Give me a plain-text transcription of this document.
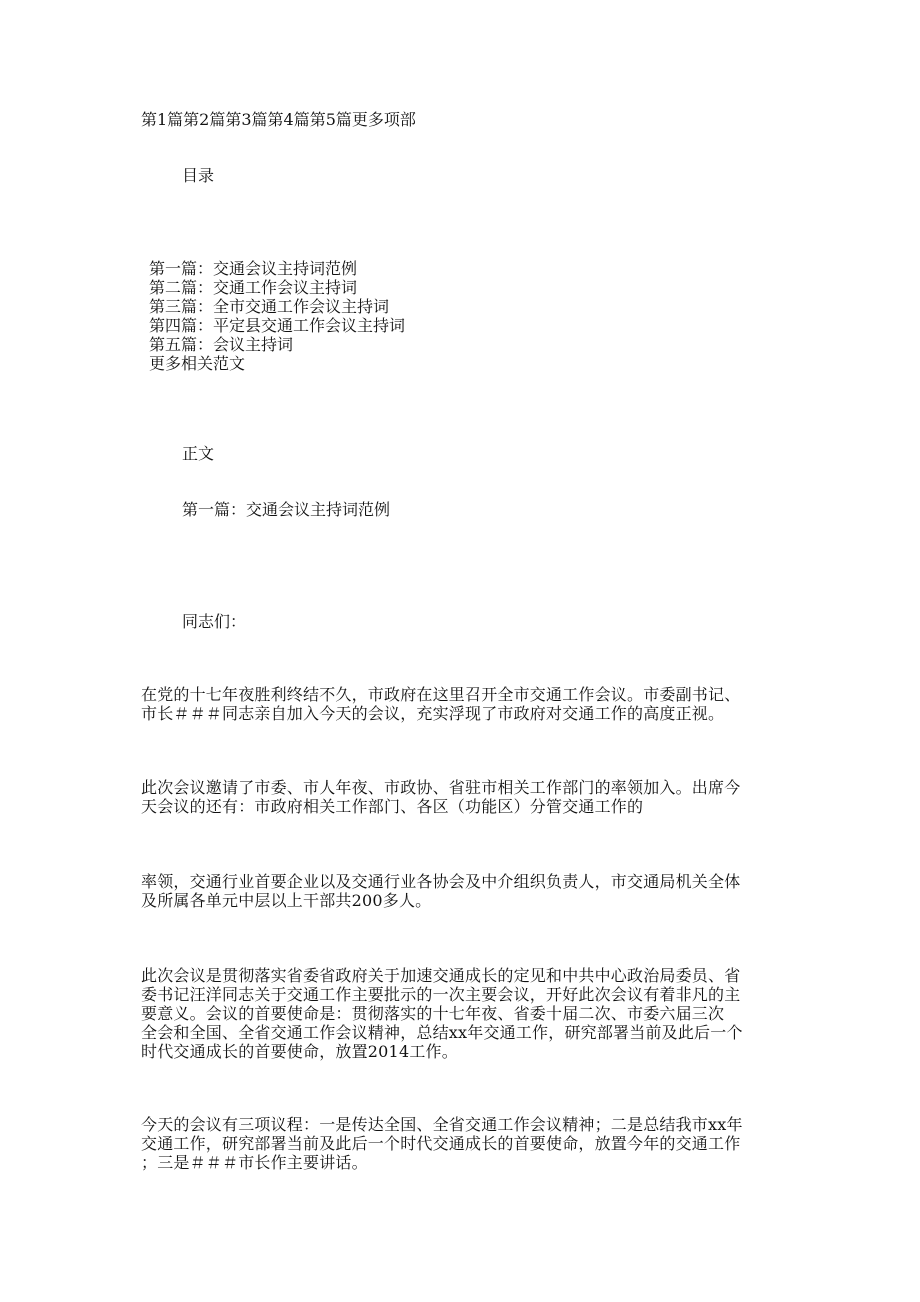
第1篇第2篇第3篇第4篇第5篇更多项部
目录
第一篇：交通会议主持词范例
第二篇：交通工作会议主持词
第三篇：全市交通工作会议主持词
第四篇：平定县交通工作会议主持词
第五篇：会议主持词
更多相关范文
正文
第一篇：交通会议主持词范例
同志们：
在党的十七年夜胜利终结不久，市政府在这里召开全市交通工作会议。市委副书记、
市长＃＃＃同志亲自加入今天的会议，充实浮现了市政府对交通工作的高度正视。
此次会议邀请了市委、市人年夜、市政协、省驻市相关工作部门的率领加入。出席今
天会议的还有：市政府相关工作部门、各区（功能区）分管交通工作的
率领，交通行业首要企业以及交通行业各协会及中介组织负责人，市交通局机关全体
及所属各单元中层以上干部共200多人。
此次会议是贯彻落实省委省政府关于加速交通成长的定见和中共中心政治局委员、省
委书记汪洋同志关于交通工作主要批示的一次主要会议，开好此次会议有着非凡的主
要意义。会议的首要使命是：贯彻落实的十七年夜、省委十届二次、市委六届三次
全会和全国、全省交通工作会议精神，总结xx年交通工作，研究部署当前及此后一个
时代交通成长的首要使命，放置2014工作。
今天的会议有三项议程：一是传达全国、全省交通工作会议精神；二是总结我市xx年
交通工作，研究部署当前及此后一个时代交通成长的首要使命，放置今年的交通工作
；三是＃＃＃市长作主要讲话。
